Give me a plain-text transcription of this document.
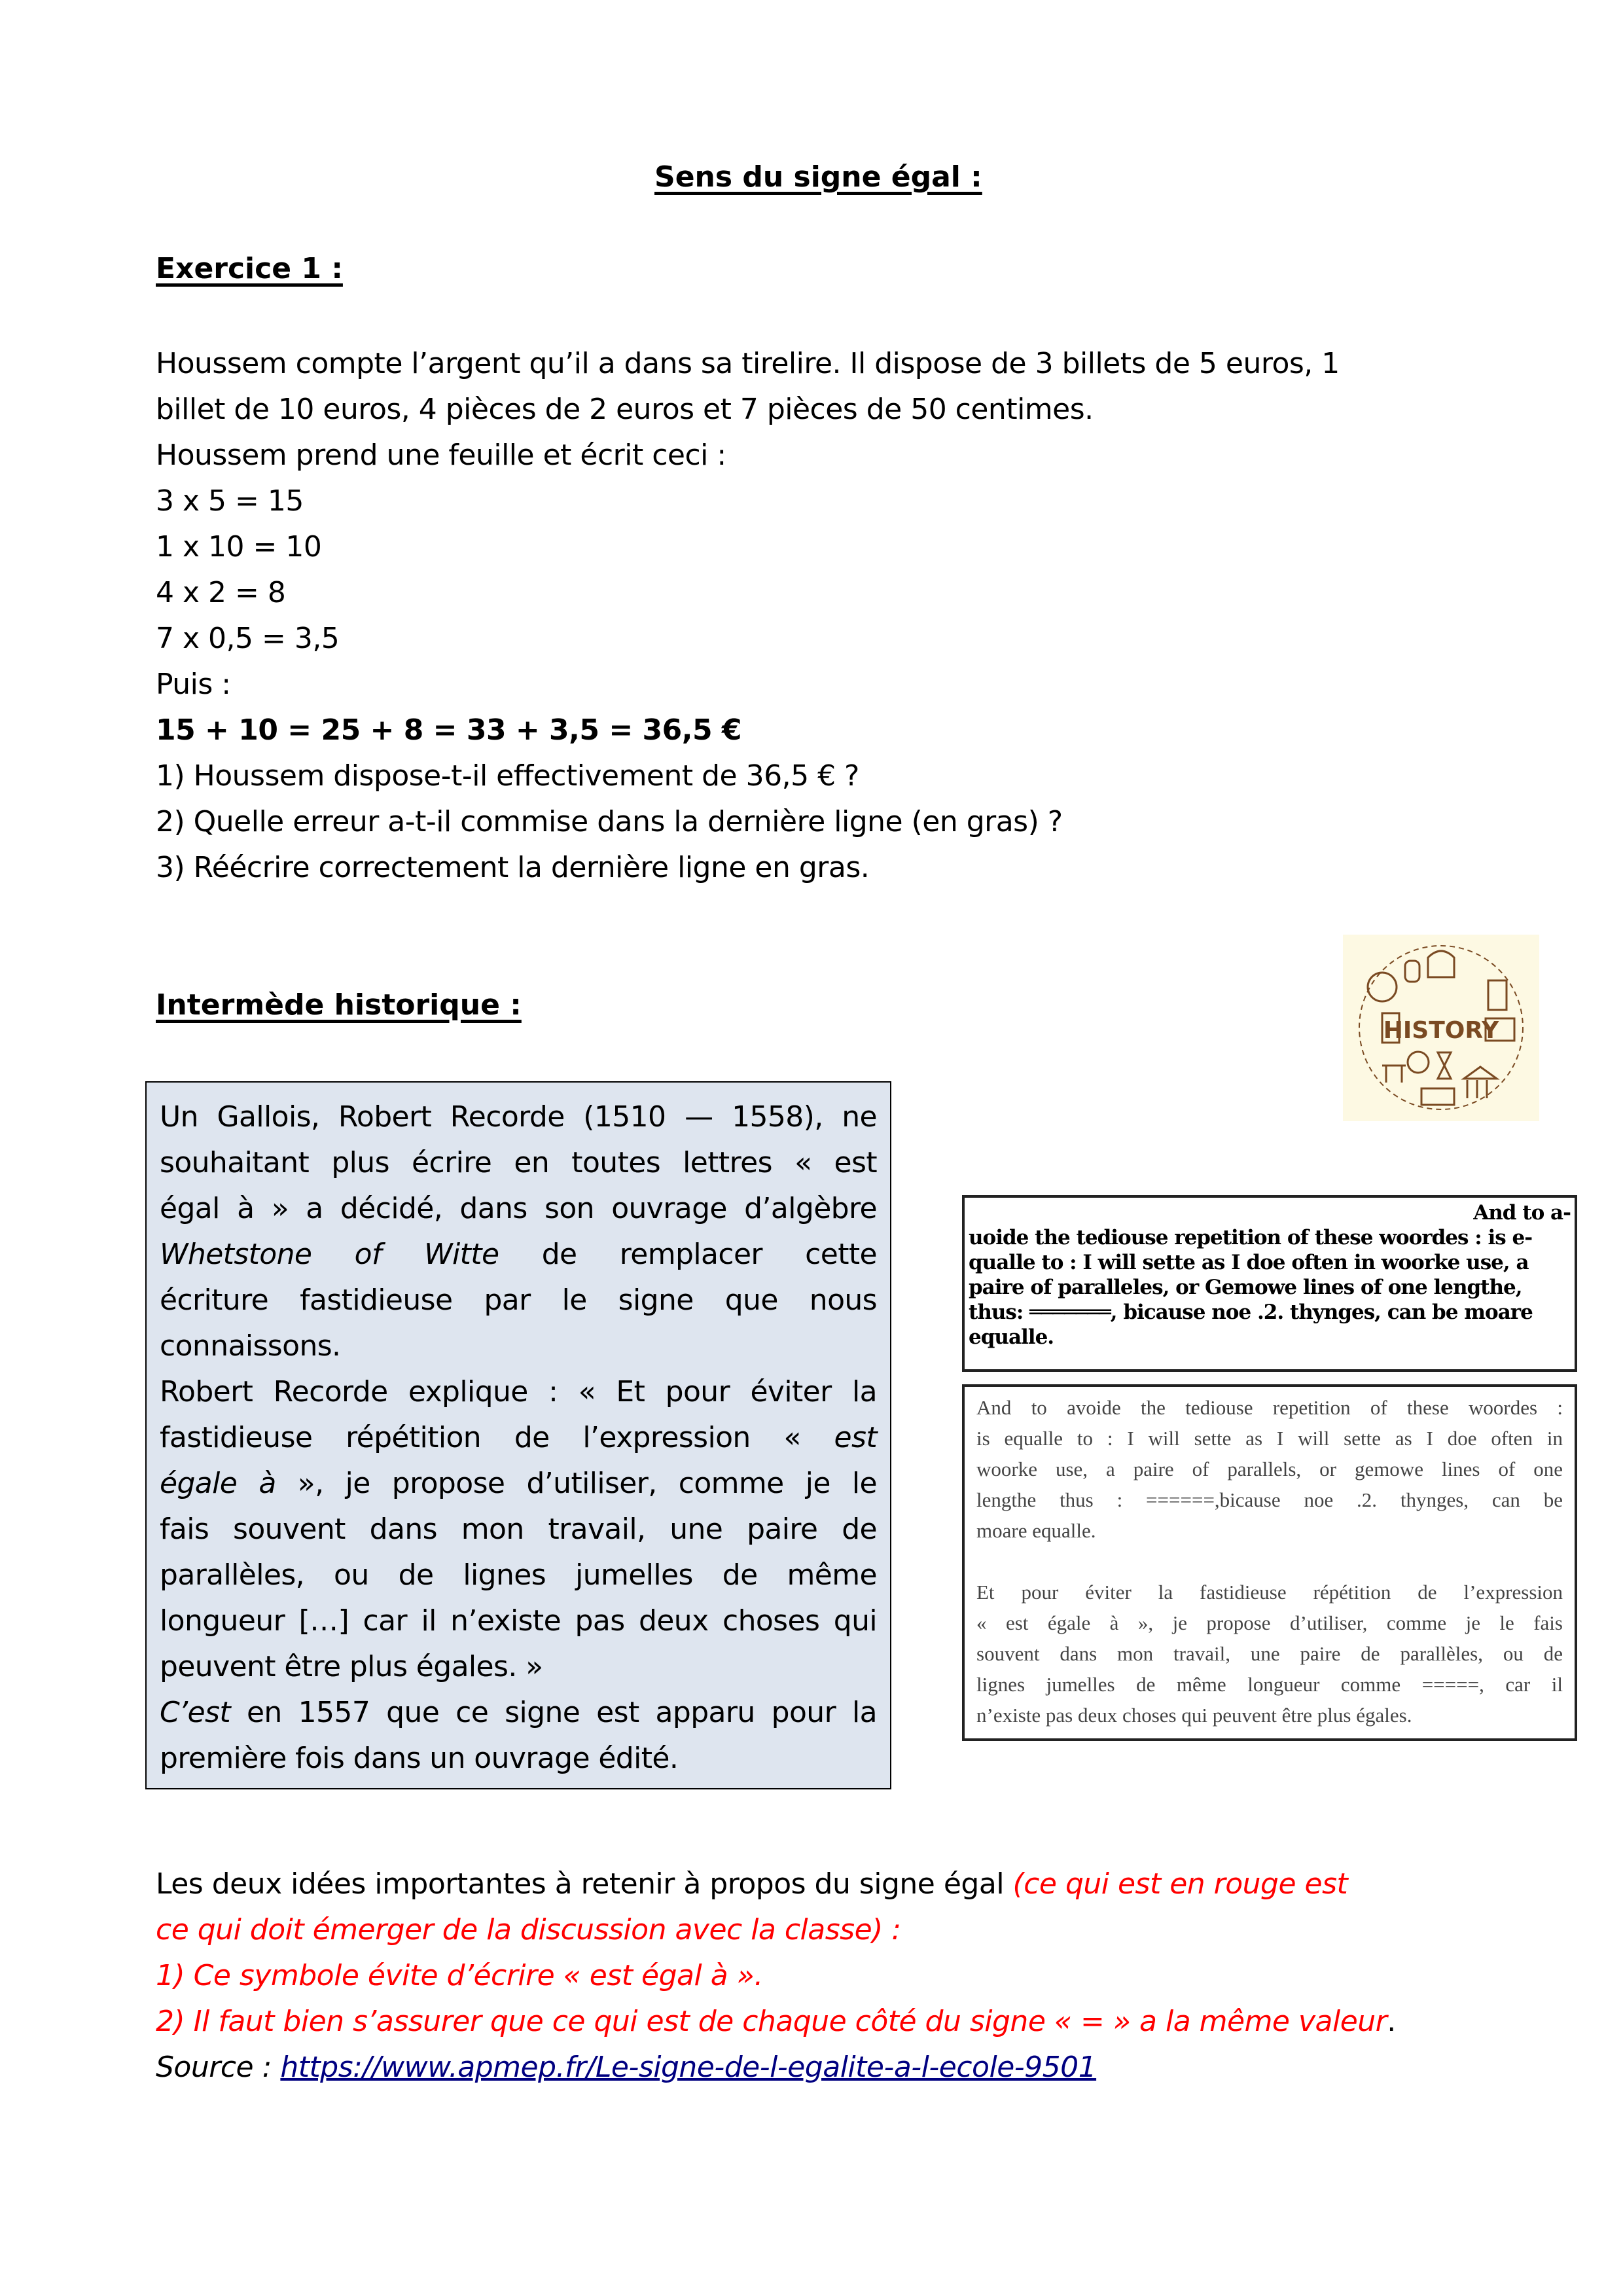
Sens du signe égal :
Exercice 1 :
Houssem compte l’argent qu’il a dans sa tirelire. Il dispose de 3 billets de 5 euros, 1
billet de 10 euros, 4 pièces de 2 euros et 7 pièces de 50 centimes.
Houssem prend une feuille et écrit ceci :
3 x 5 = 15
1 x 10 = 10
4 x 2 = 8
7 x 0,5 = 3,5
Puis :
15 + 10 = 25 + 8 = 33 + 3,5 = 36,5 €
1) Houssem dispose-t-il effectivement de 36,5 € ?
2) Quelle erreur a-t-il commise dans la dernière ligne (en gras) ?
3) Réécrire correctement la dernière ligne en gras.
Intermède historique :
HISTORY
Un Gallois, Robert Recorde (1510 — 1558), ne
souhaitant plus écrire en toutes lettres « est
égal à » a décidé, dans son ouvrage d’algèbre
Whetstone of Witte de remplacer cette
écriture fastidieuse par le signe que nous
connaissons.
Robert Recorde explique : « Et pour éviter la
fastidieuse répétition de l’expression « est
égale à », je propose d’utiliser, comme je le
fais souvent dans mon travail, une paire de
parallèles, ou de lignes jumelles de même
longueur […] car il n’existe pas deux choses qui
peuvent être plus égales. »
C’est en 1557 que ce signe est apparu pour la
première fois dans un ouvrage édité.
And to a-
uoide the tediouse repetition of these woordes : is e-
qualle to : I will sette as I doe often in woorke use, a
paire of paralleles, or Gemowe lines of one lengthe,
thus: ═══════, bicause noe .2. thynges, can be moare
equalle.
And to avoide the tediouse repetition of these woordes :
is equalle to : I will sette as I will sette as I doe often in
woorke use, a paire of parallels, or gemowe lines of one
lengthe thus : ======,bicause noe .2. thynges, can be
moare equalle.
Et pour éviter la fastidieuse répétition de l’expression
« est égale à », je propose d’utiliser, comme je le fais
souvent dans mon travail, une paire de parallèles, ou de
lignes jumelles de même longueur comme =====, car il
n’existe pas deux choses qui peuvent être plus égales.
Les deux idées importantes à retenir à propos du signe égal (ce qui est en rouge est
ce qui doit émerger de la discussion avec la classe) :
1) Ce symbole évite d’écrire « est égal à ».
2) Il faut bien s’assurer que ce qui est de chaque côté du signe « = » a la même valeur.
Source : https://www.apmep.fr/Le-signe-de-l-egalite-a-l-ecole-9501
